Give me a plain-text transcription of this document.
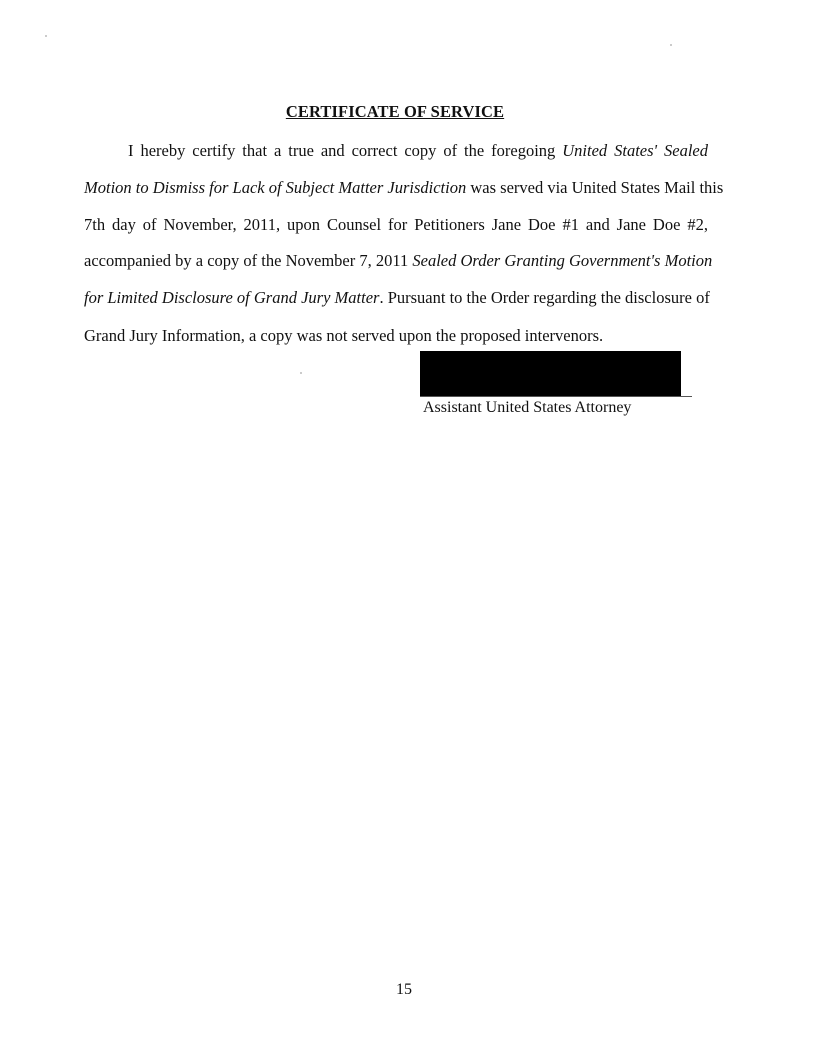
CERTIFICATE OF SERVICE
I hereby certify that a true and correct copy of the foregoing United States' Sealed
Motion to Dismiss for Lack of Subject Matter Jurisdiction was served via United States Mail this
7th day of November, 2011, upon Counsel for Petitioners Jane Doe #1 and Jane Doe #2,
accompanied by a copy of the November 7, 2011 Sealed Order Granting Government's Motion
for Limited Disclosure of Grand Jury Matter. Pursuant to the Order regarding the disclosure of
Grand Jury Information, a copy was not served upon the proposed intervenors.
Assistant United States Attorney
15
